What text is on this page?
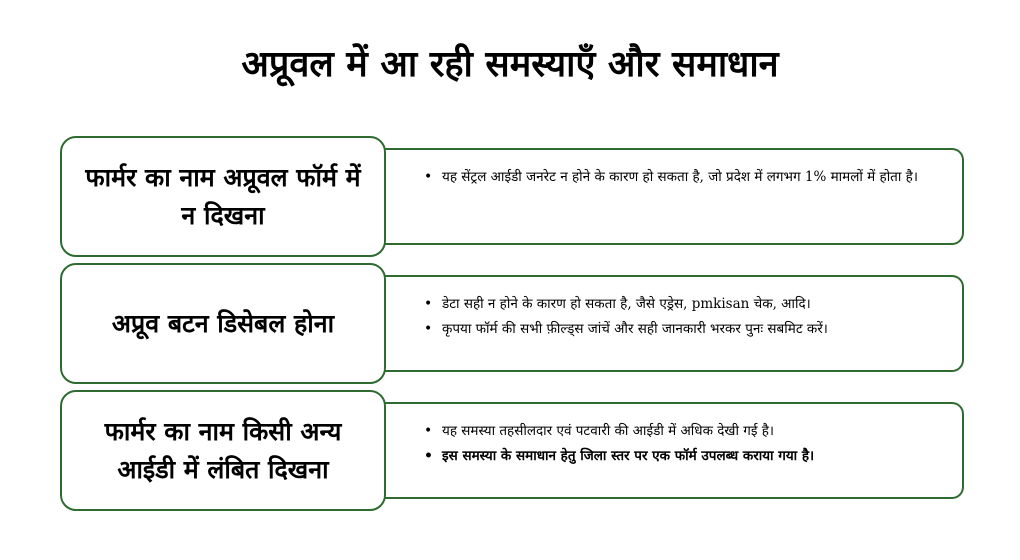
अप्रूवल में आ रही समस्याएँ और समाधान
• यह सेंट्रल आईडी जनरेट न होने के कारण हो सकता है, जो प्रदेश में लगभग 1% मामलों में होता है।
फार्मर का नाम अप्रूवल फॉर्म में न दिखना
• डेटा सही न होने के कारण हो सकता है, जैसे एड्रेस, pmkisan चेक, आदि।
• कृपया फॉर्म की सभी फ़ील्ड्स जांचें और सही जानकारी भरकर पुनः सबमिट करें।
अप्रूव बटन डिसेबल होना
• यह समस्या तहसीलदार एवं पटवारी की आईडी में अधिक देखी गई है।
• इस समस्या के समाधान हेतु जिला स्तर पर एक फॉर्म उपलब्ध कराया गया है।
फार्मर का नाम किसी अन्य आईडी में लंबित दिखना
